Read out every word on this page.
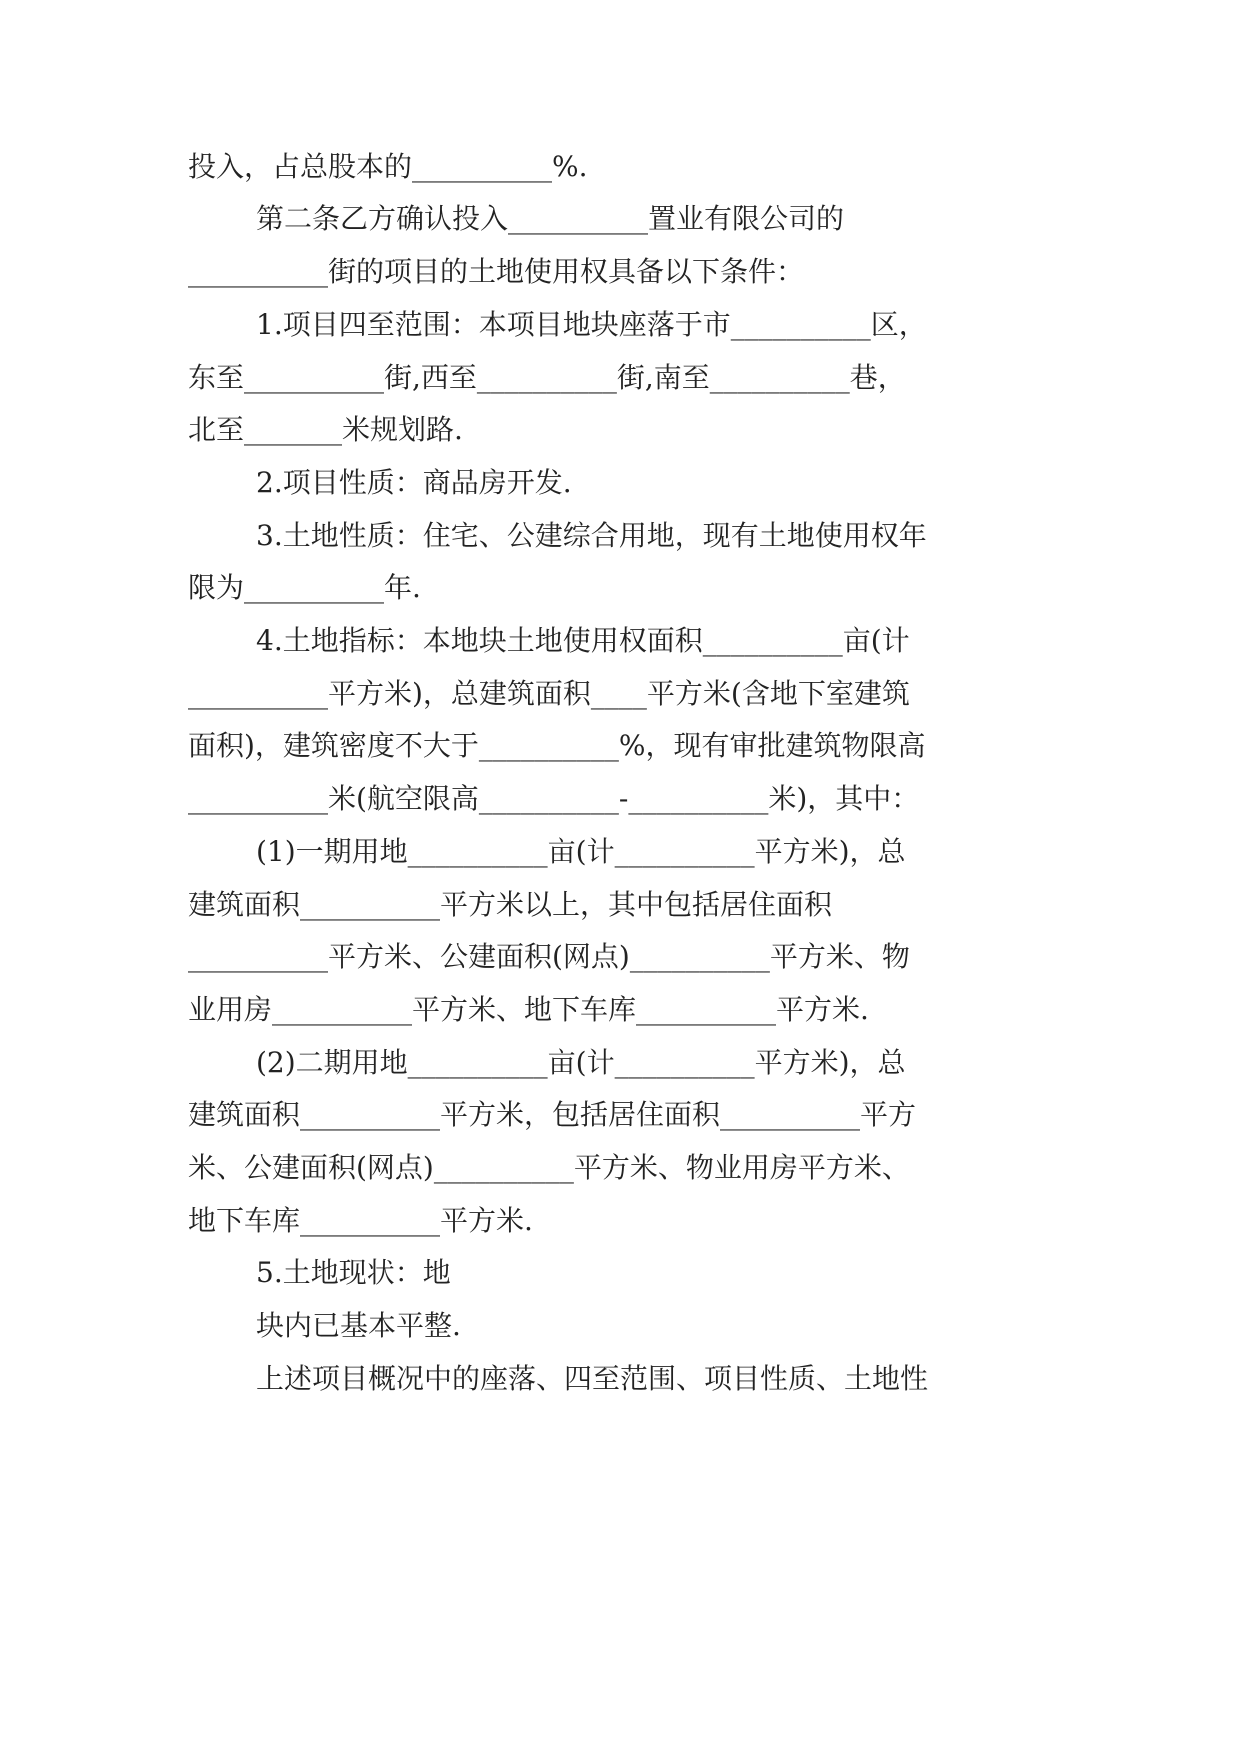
投入，占总股本的__________%.
第二条乙方确认投入__________置业有限公司的
__________街的项目的土地使用权具备以下条件：
1.项目四至范围：本项目地块座落于市__________区，
东至__________街,西至__________街,南至__________巷，
北至_______米规划路.
2.项目性质：商品房开发.
3.土地性质：住宅、公建综合用地，现有土地使用权年
限为__________年.
4.土地指标：本地块土地使用权面积__________亩(计
__________平方米)，总建筑面积____平方米(含地下室建筑
面积)，建筑密度不大于__________%，现有审批建筑物限高
__________米(航空限高__________-__________米)，其中：
(1)一期用地__________亩(计__________平方米)，总
建筑面积__________平方米以上，其中包括居住面积
__________平方米、公建面积(网点)__________平方米、物
业用房__________平方米、地下车库__________平方米.
(2)二期用地__________亩(计__________平方米)，总
建筑面积__________平方米，包括居住面积__________平方
米、公建面积(网点)__________平方米、物业用房平方米、
地下车库__________平方米.
5.土地现状：地
块内已基本平整.
上述项目概况中的座落、四至范围、项目性质、土地性
